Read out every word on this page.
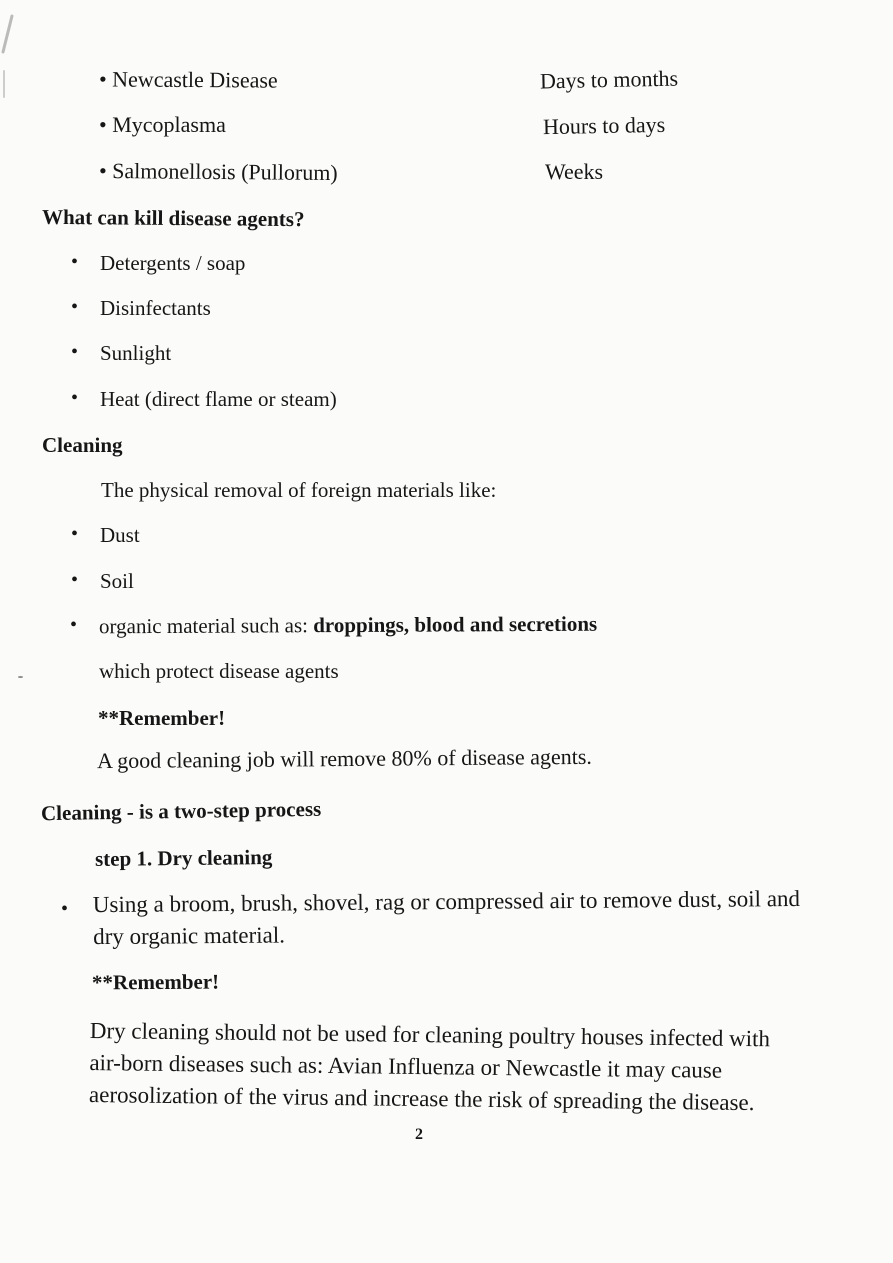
• Newcastle Disease	Days to months
• Mycoplasma	Hours to days
• Salmonellosis (Pullorum)	Weeks
What can kill disease agents?
• Detergents / soap
• Disinfectants
• Sunlight
• Heat (direct flame or steam)
Cleaning
The physical removal of foreign materials like:
• Dust
• Soil
• organic material such as: droppings, blood and secretions
which protect disease agents
**Remember!
A good cleaning job will remove 80% of disease agents.
Cleaning - is a two-step process
step 1. Dry cleaning
• Using a broom, brush, shovel, rag or compressed air to remove dust, soil and dry organic material.
**Remember!
Dry cleaning should not be used for cleaning poultry houses infected with air-born diseases such as: Avian Influenza or Newcastle it may cause aerosolization of the virus and increase the risk of spreading the disease.
2
